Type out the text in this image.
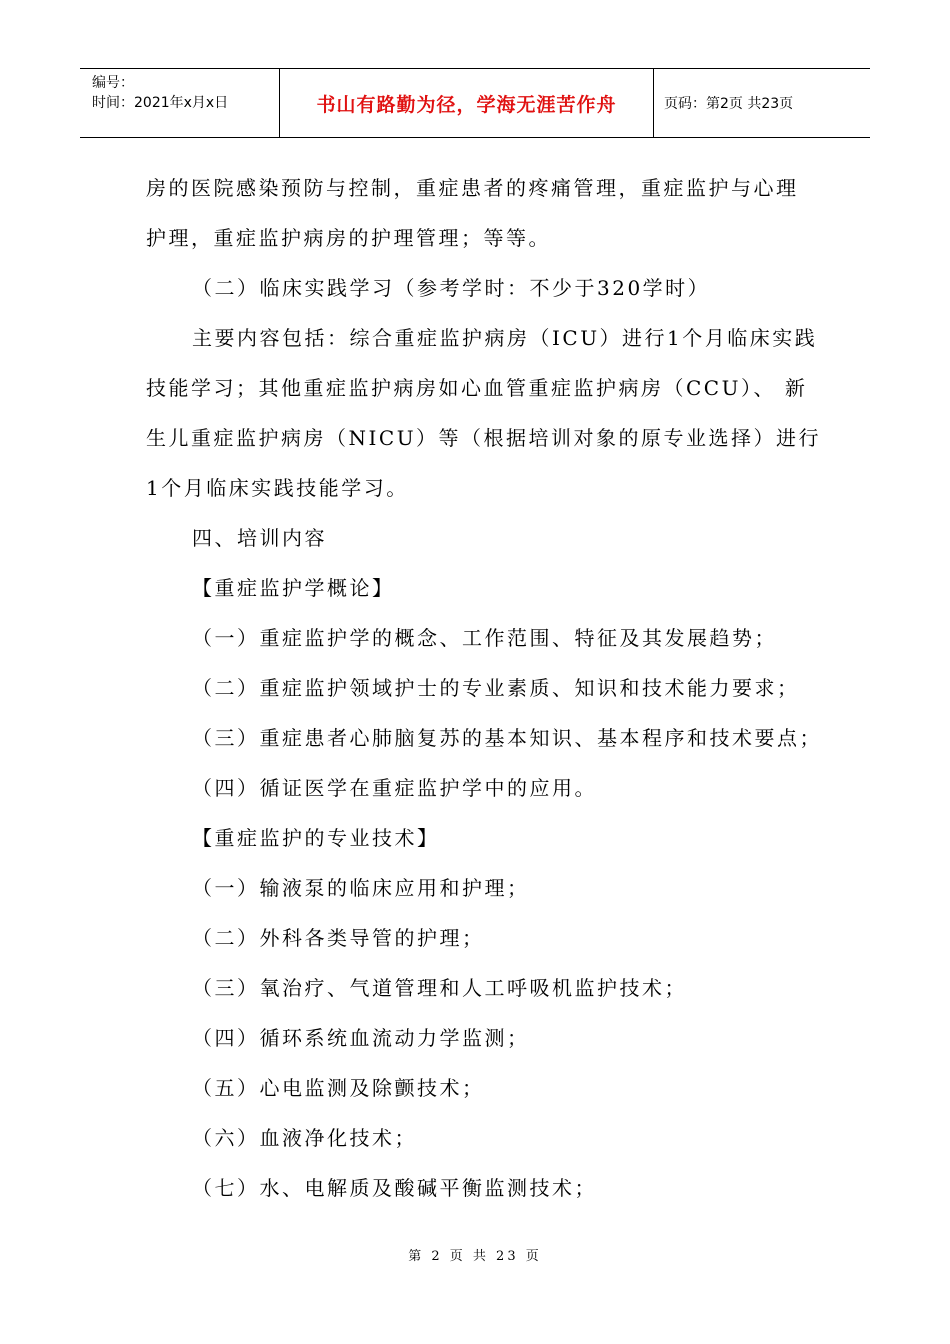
编号：
时间：2021年x月x日	书山有路勤为径，学海无涯苦作舟	页码：第2页 共23页
房的医院感染预防与控制，重症患者的疼痛管理，重症监护与心理
护理，重症监护病房的护理管理；等等。
（二）临床实践学习（参考学时：不少于320学时）
主要内容包括：综合重症监护病房（ICU）进行1个月临床实践
技能学习；其他重症监护病房如心血管重症监护病房（CCU）、 新
生儿重症监护病房（NICU）等（根据培训对象的原专业选择）进行
1个月临床实践技能学习。
四、培训内容
【重症监护学概论】
（一）重症监护学的概念、工作范围、特征及其发展趋势；
（二）重症监护领域护士的专业素质、知识和技术能力要求；
（三）重症患者心肺脑复苏的基本知识、基本程序和技术要点；
（四）循证医学在重症监护学中的应用。
【重症监护的专业技术】
（一）输液泵的临床应用和护理；
（二）外科各类导管的护理；
（三）氧治疗、气道管理和人工呼吸机监护技术；
（四）循环系统血流动力学监测；
（五）心电监测及除颤技术；
（六）血液净化技术；
（七）水、电解质及酸碱平衡监测技术；
第 2 页 共 23 页
